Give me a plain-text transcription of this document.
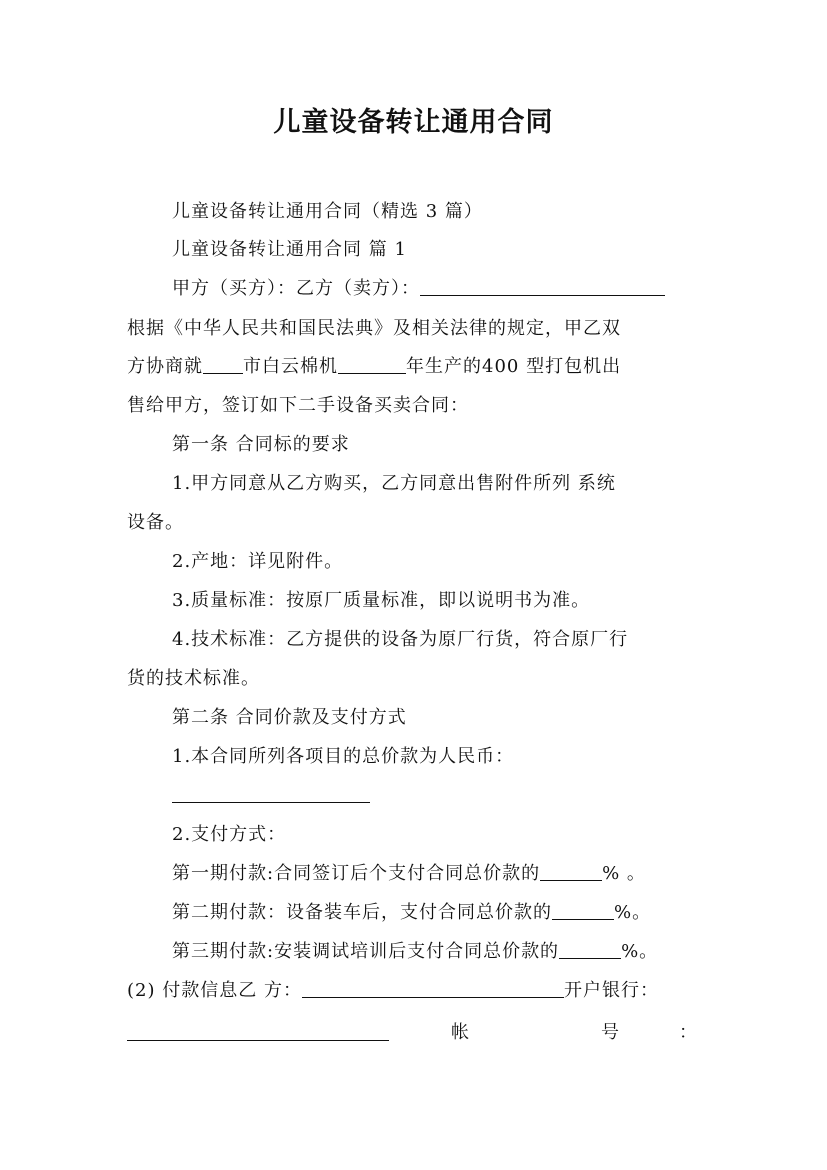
儿童设备转让通用合同
儿童设备转让通用合同（精选 3 篇）
儿童设备转让通用合同 篇 1
甲方（买方）：乙方（卖方）：
根据《中华人民共和国民法典》及相关法律的规定，甲乙双
方协商就 市白云棉机	年生产的400 型打包机出
售给甲方，签订如下二手设备买卖合同：
第一条 合同标的要求
1.甲方同意从乙方购买，乙方同意出售附件所列 系统
设备。
2.产地：详见附件。
3.质量标准：按原厂质量标准，即以说明书为准。
4.技术标准：乙方提供的设备为原厂行货，符合原厂行
货的技术标准。
第二条 合同价款及支付方式
1.本合同所列各项目的总价款为人民币：
2.支付方式：
第一期付款:合同签订后个支付合同总价款的	% 。
第二期付款：设备装车后，支付合同总价款的	%。
第三期付款:安装调试培训后支付合同总价款的	%。
(2) 付款信息乙 方：	开户银行：
帐	号	：
